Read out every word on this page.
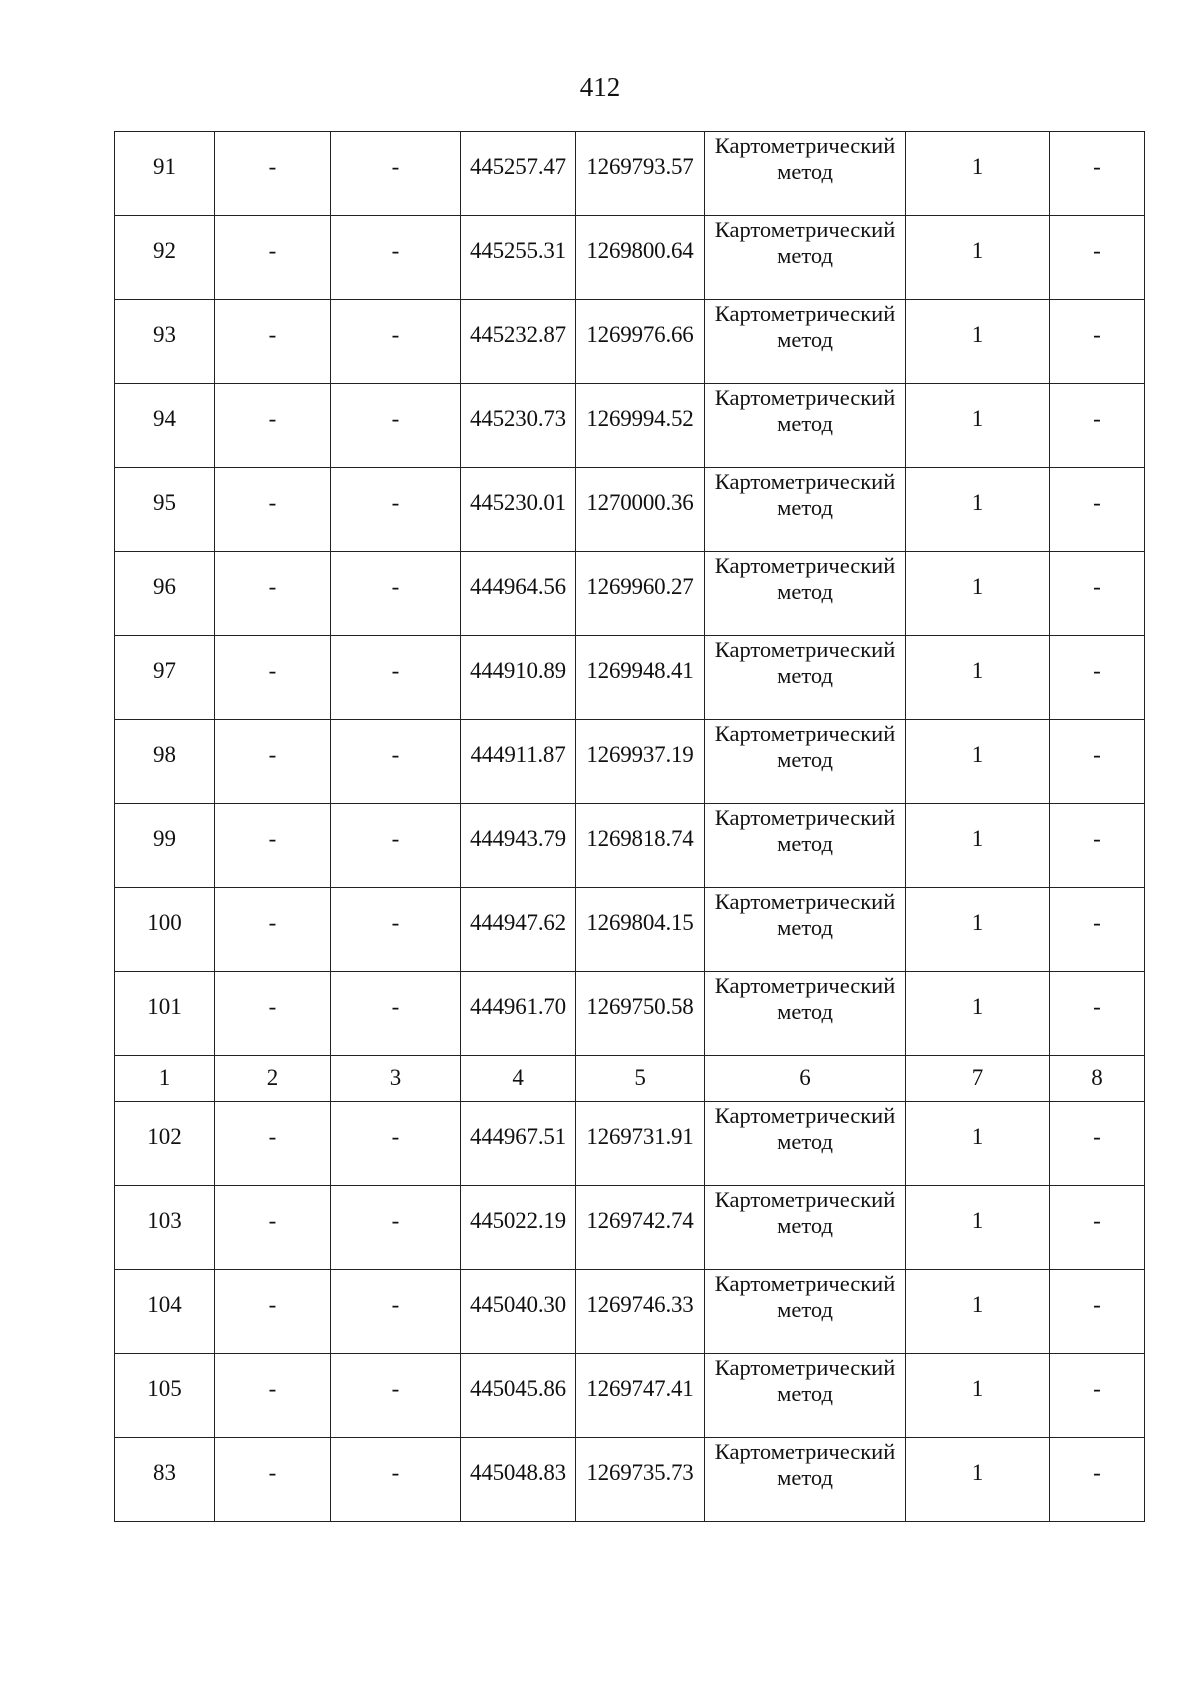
412
91	-	-	445257.47	1269793.57	Картометрический метод	1	-
92	-	-	445255.31	1269800.64	Картометрический метод	1	-
93	-	-	445232.87	1269976.66	Картометрический метод	1	-
94	-	-	445230.73	1269994.52	Картометрический метод	1	-
95	-	-	445230.01	1270000.36	Картометрический метод	1	-
96	-	-	444964.56	1269960.27	Картометрический метод	1	-
97	-	-	444910.89	1269948.41	Картометрический метод	1	-
98	-	-	444911.87	1269937.19	Картометрический метод	1	-
99	-	-	444943.79	1269818.74	Картометрический метод	1	-
100	-	-	444947.62	1269804.15	Картометрический метод	1	-
101	-	-	444961.70	1269750.58	Картометрический метод	1	-
1	2	3	4	5	6	7	8
102	-	-	444967.51	1269731.91	Картометрический метод	1	-
103	-	-	445022.19	1269742.74	Картометрический метод	1	-
104	-	-	445040.30	1269746.33	Картометрический метод	1	-
105	-	-	445045.86	1269747.41	Картометрический метод	1	-
83	-	-	445048.83	1269735.73	Картометрический метод	1	-
